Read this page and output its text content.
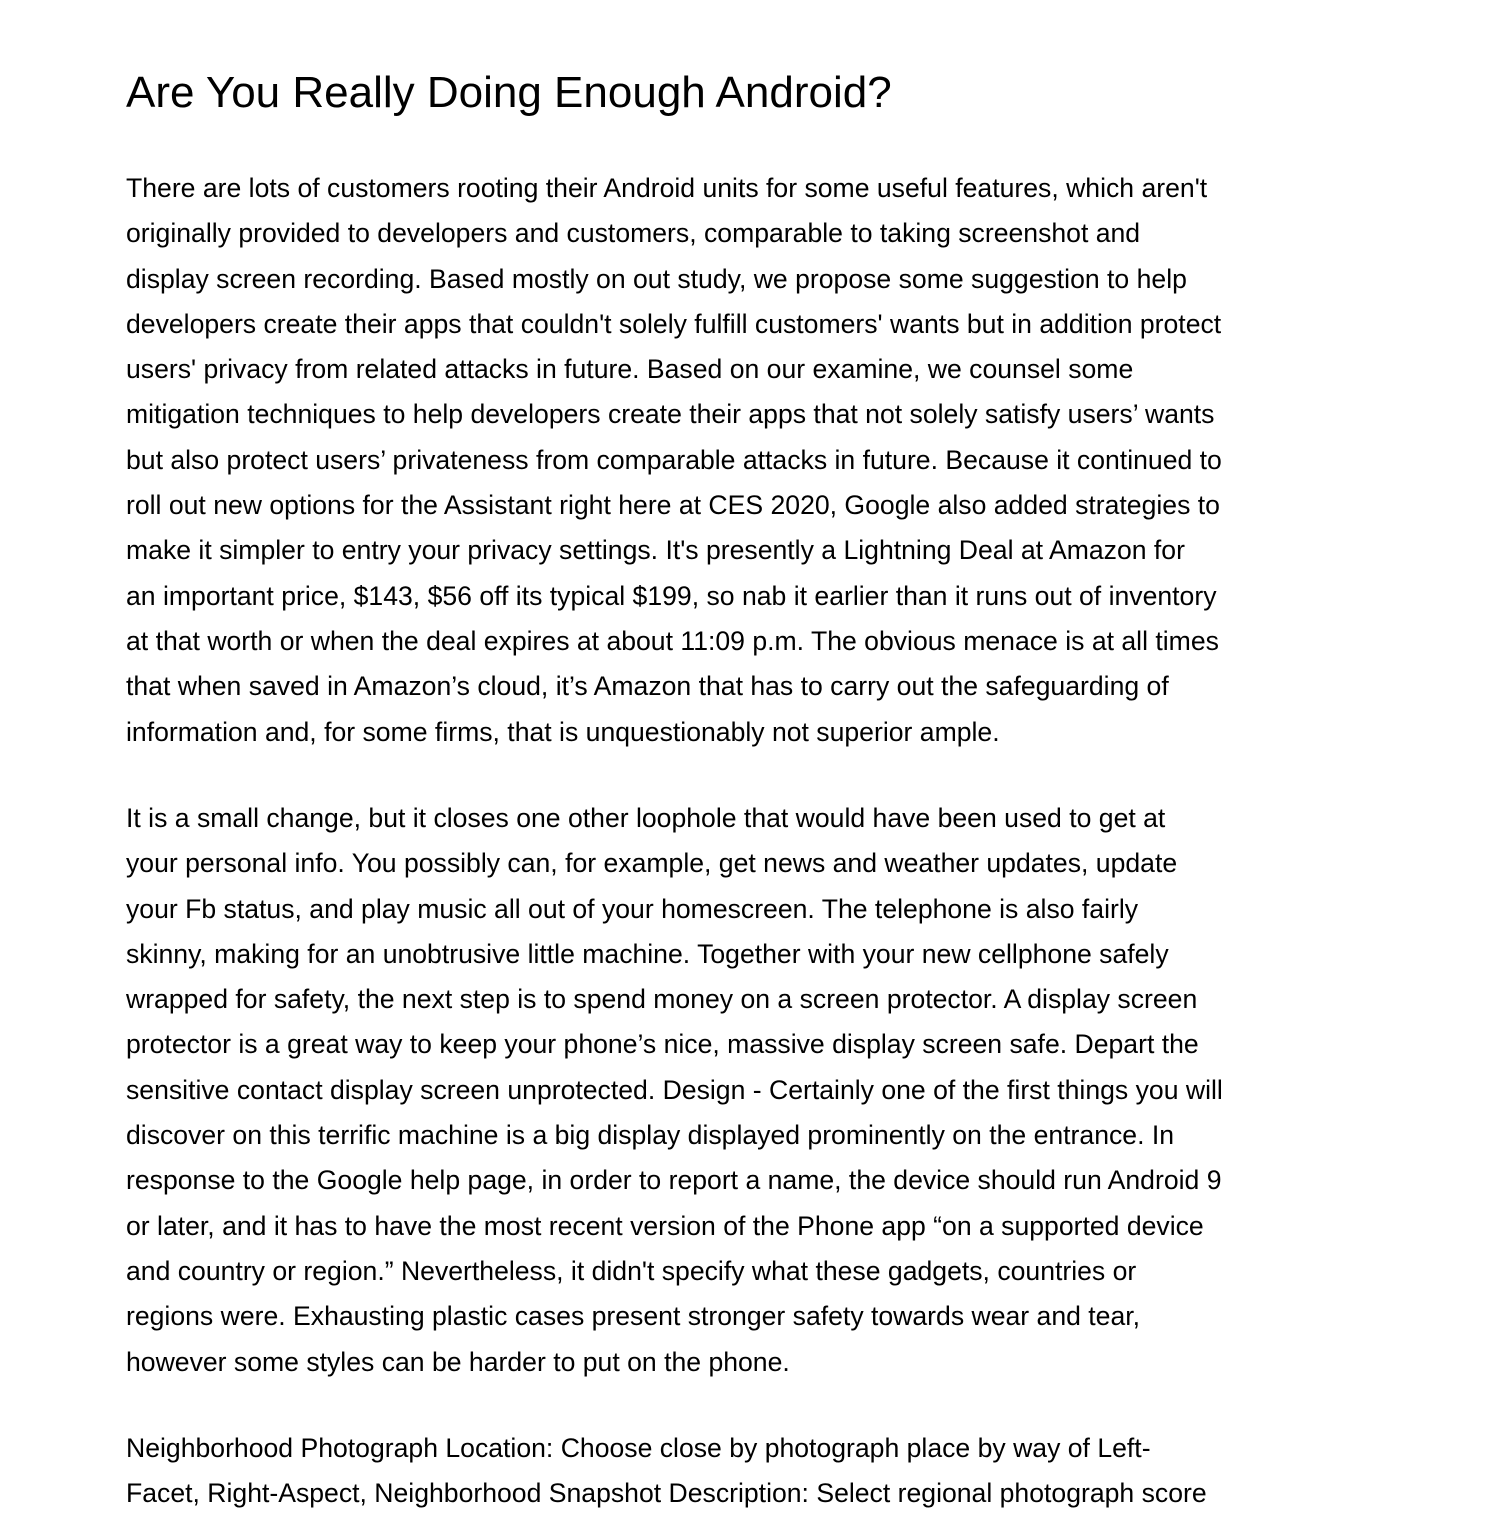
Are You Really Doing Enough Android?
There are lots of customers rooting their Android units for some useful features, which aren't
originally provided to developers and customers, comparable to taking screenshot and
display screen recording. Based mostly on out study, we propose some suggestion to help
developers create their apps that couldn't solely fulfill customers' wants but in addition protect
users' privacy from related attacks in future. Based on our examine, we counsel some
mitigation techniques to help developers create their apps that not solely satisfy users’ wants
but also protect users’ privateness from comparable attacks in future. Because it continued to
roll out new options for the Assistant right here at CES 2020, Google also added strategies to
make it simpler to entry your privacy settings. It's presently a Lightning Deal at Amazon for
an important price, $143, $56 off its typical $199, so nab it earlier than it runs out of inventory
at that worth or when the deal expires at about 11:09 p.m. The obvious menace is at all times
that when saved in Amazon’s cloud, it’s Amazon that has to carry out the safeguarding of
information and, for some firms, that is unquestionably not superior ample.
It is a small change, but it closes one other loophole that would have been used to get at
your personal info. You possibly can, for example, get news and weather updates, update
your Fb status, and play music all out of your homescreen. The telephone is also fairly
skinny, making for an unobtrusive little machine. Together with your new cellphone safely
wrapped for safety, the next step is to spend money on a screen protector. A display screen
protector is a great way to keep your phone’s nice, massive display screen safe. Depart the
sensitive contact display screen unprotected. Design - Certainly one of the first things you will
discover on this terrific machine is a big display displayed prominently on the entrance. In
response to the Google help page, in order to report a name, the device should run Android 9
or later, and it has to have the most recent version of the Phone app “on a supported device
and country or region.” Nevertheless, it didn't specify what these gadgets, countries or
regions were. Exhausting plastic cases present stronger safety towards wear and tear,
however some styles can be harder to put on the phone.
Neighborhood Photograph Location: Choose close by photograph place by way of Left-
Facet, Right-Aspect, Neighborhood Snapshot Description: Select regional photograph score
